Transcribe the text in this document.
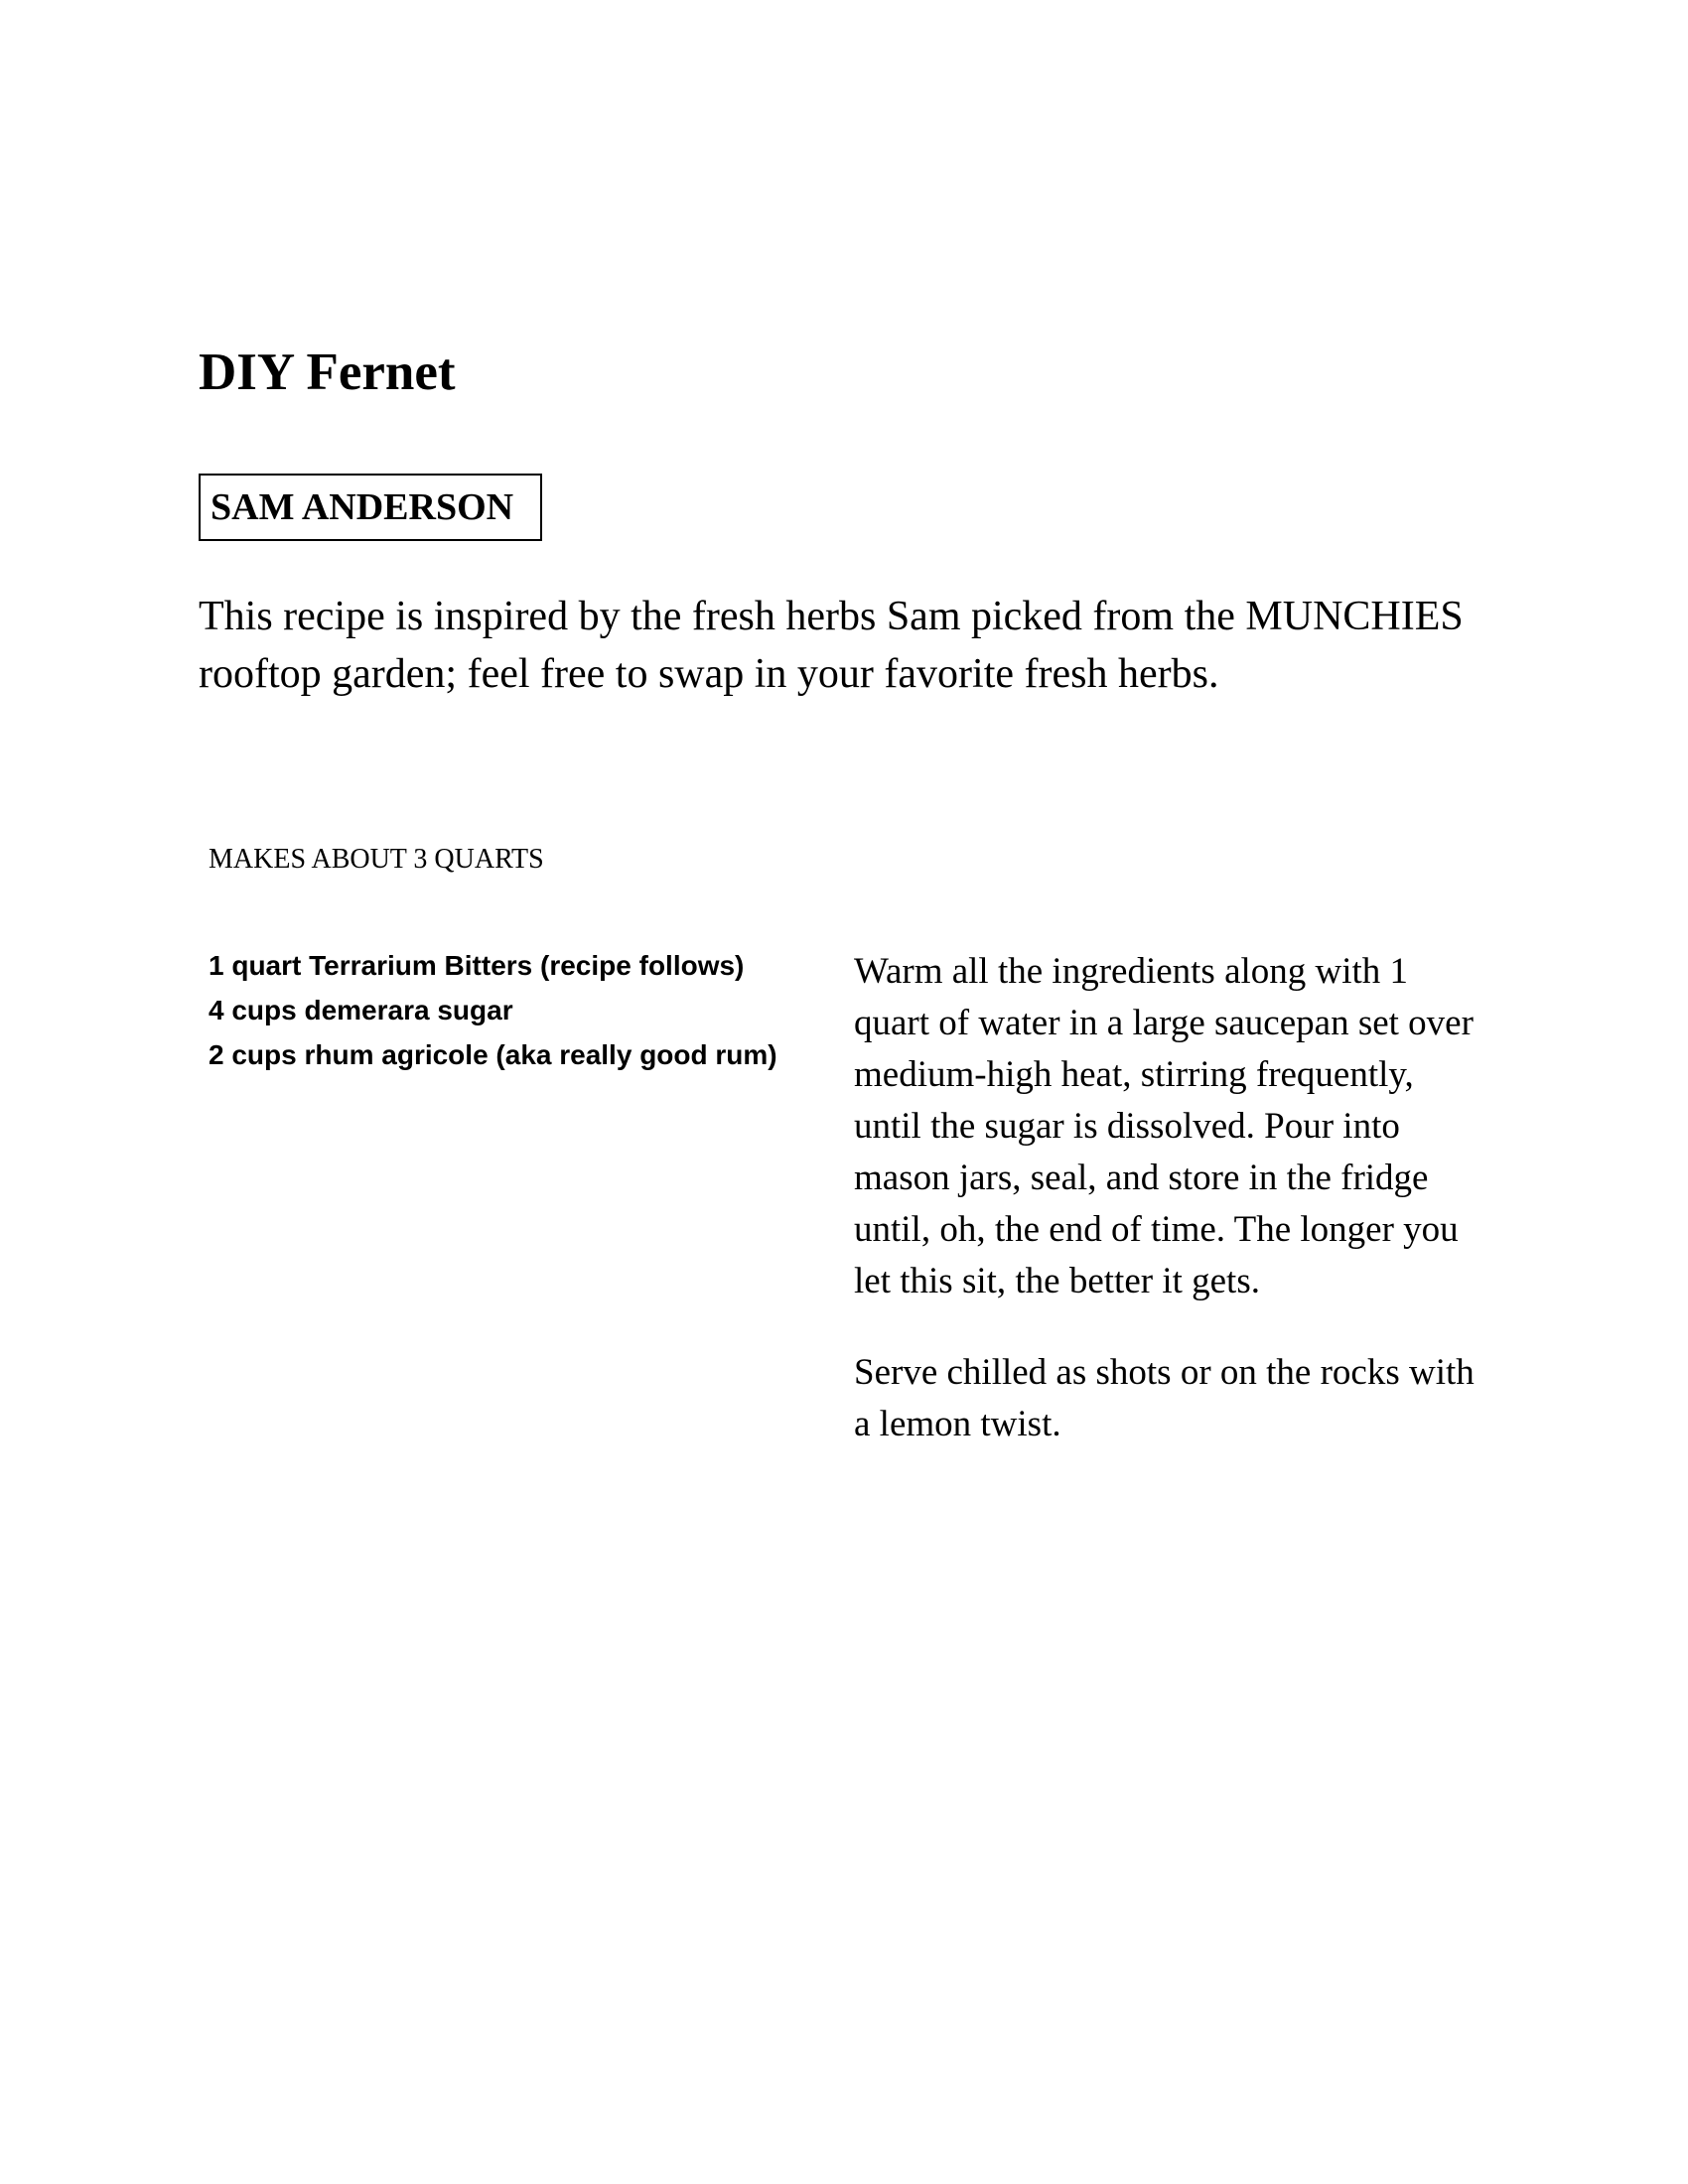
DIY Fernet
SAM ANDERSON

This recipe is inspired by the fresh herbs Sam picked from the MUNCHIES rooftop garden; feel free to swap in your favorite fresh herbs.

MAKES ABOUT 3 QUARTS

1 quart Terrarium Bitters (recipe follows)
4 cups demerara sugar
2 cups rhum agricole (aka really good rum)

Warm all the ingredients along with 1 quart of water in a large saucepan set over medium-high heat, stirring frequently, until the sugar is dissolved. Pour into mason jars, seal, and store in the fridge until, oh, the end of time. The longer you let this sit, the better it gets.

Serve chilled as shots or on the rocks with a lemon twist.
